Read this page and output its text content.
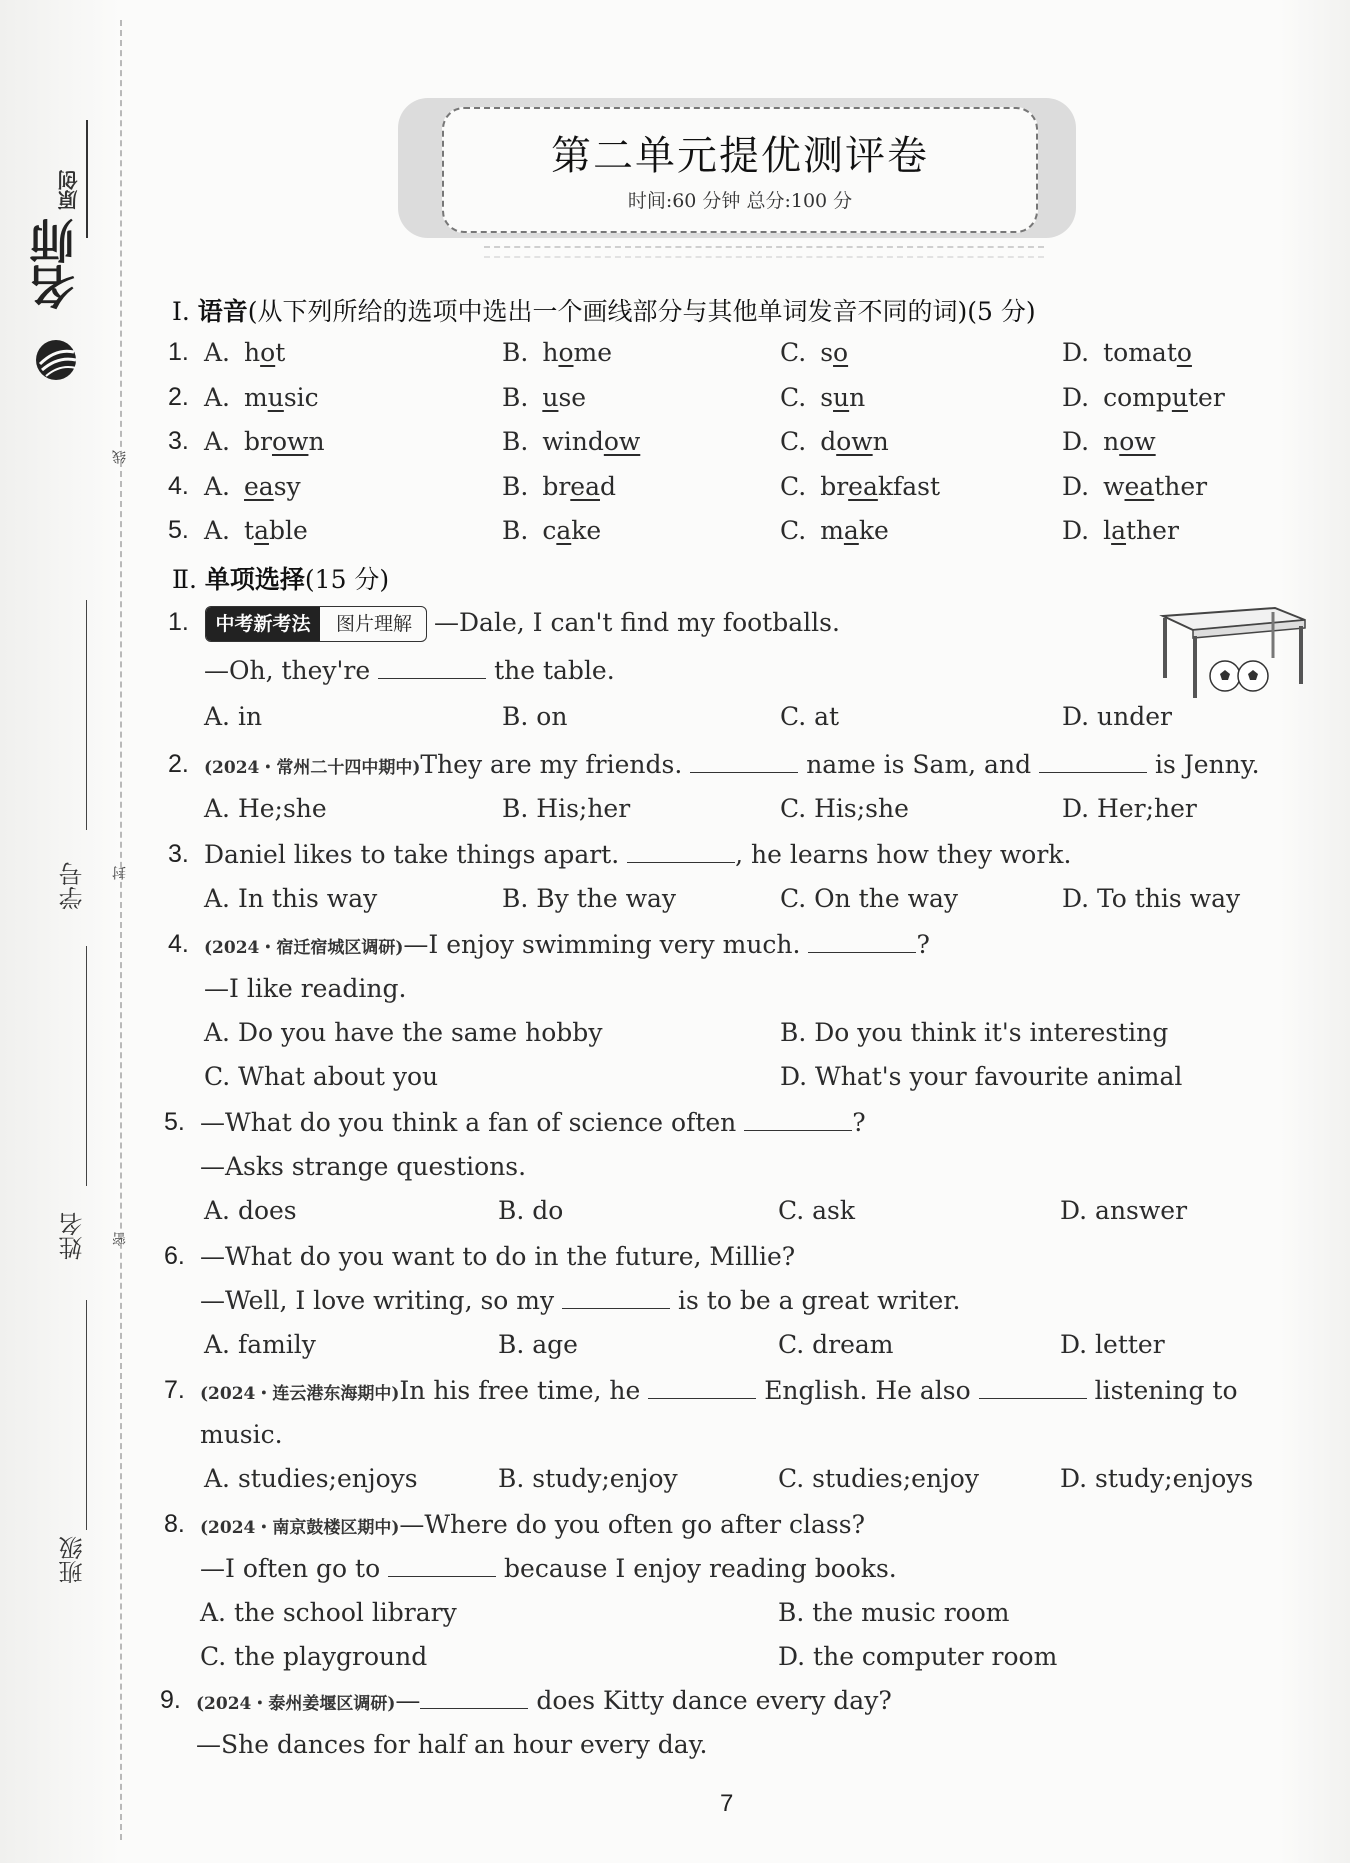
名师
原创
线
封
密
学号
姓名
班级
第二单元提优测评卷
时间:60 分钟 总分:100 分
Ⅰ. 语音(从下列所给的选项中选出一个画线部分与其他单词发音不同的词)(5 分)
1. A. hot	B. home	C. so	D. tomato
2. A. music	B. use	C. sun	D. computer
3. A. brown	B. window	C. down	D. now
4. A. easy	B. bread	C. breakfast	D. weather
5. A. table	B. cake	C. make	D. lather
Ⅱ. 单项选择(15 分)
1.	中考新考法	图片理解 —Dale, I can't find my footballs.
—Oh, they're	the table.
A. in	B. on	C. at	D. under
2. (2024・常州二十四中期中)They are my friends.	name is Sam, and	is Jenny.
A. He;she	B. His;her	C. His;she	D. Her;her
3. Daniel likes to take things apart.	, he learns how they work.
A. In this way	B. By the way	C. On the way	D. To this way
4. (2024・宿迁宿城区调研)—I enjoy swimming very much.	?
—I like reading.
A. Do you have the same hobby	B. Do you think it's interesting
C. What about you	D. What's your favourite animal
5. —What do you think a fan of science often	?
—Asks strange questions.
A. does	B. do	C. ask	D. answer
6. —What do you want to do in the future, Millie?
—Well, I love writing, so my	is to be a great writer.
A. family	B. age	C. dream	D. letter
7. (2024・连云港东海期中)In his free time, he	English. He also	listening to
music.
A. studies;enjoys	B. study;enjoy	C. studies;enjoy	D. study;enjoys
8. (2024・南京鼓楼区期中)—Where do you often go after class?
—I often go to	because I enjoy reading books.
A. the school library	B. the music room
C. the playground	D. the computer room
9. (2024・泰州姜堰区调研)—	does Kitty dance every day?
—She dances for half an hour every day.
7
